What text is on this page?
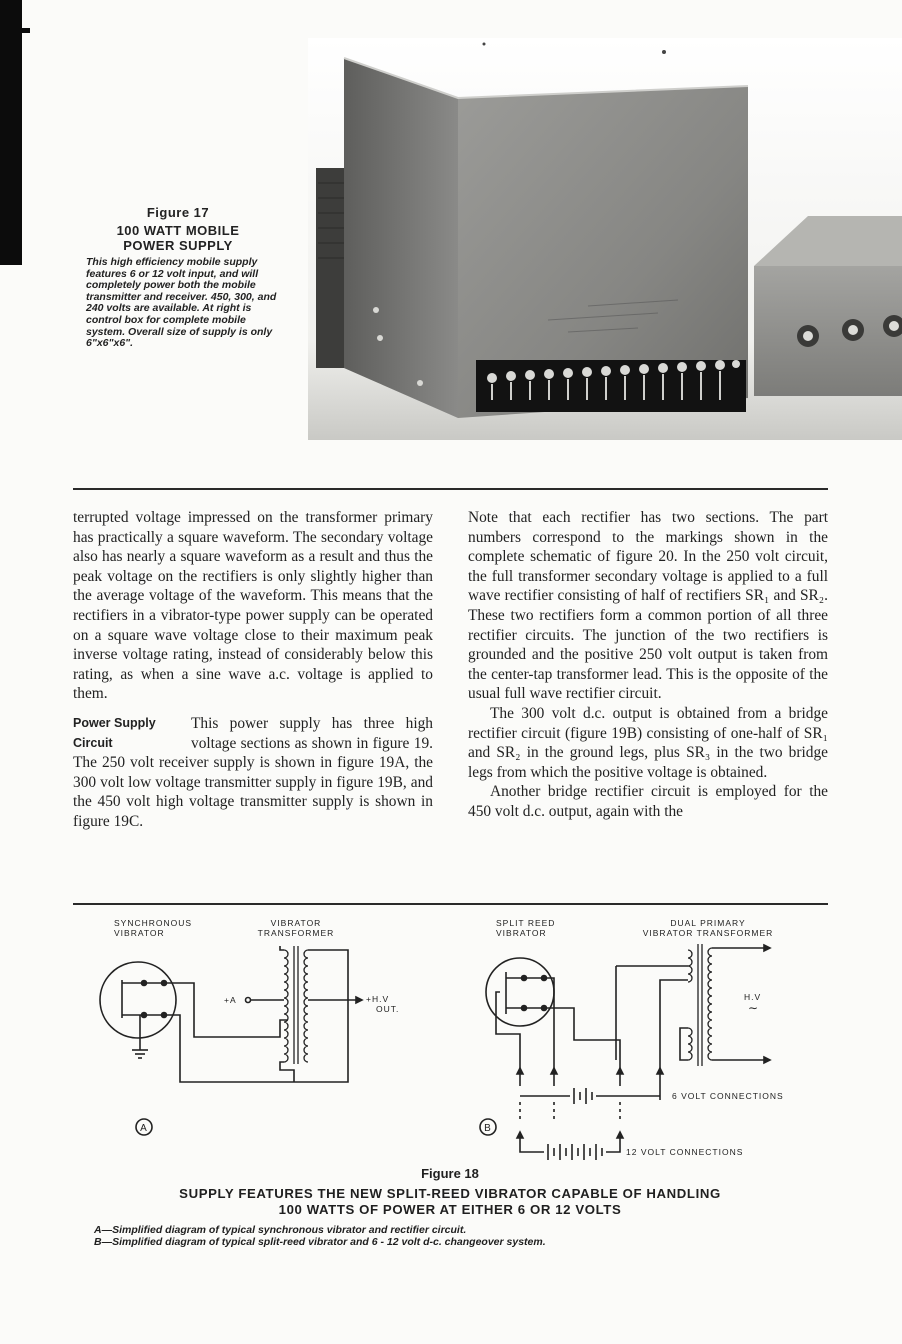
Figure 17
100 WATT MOBILE
POWER SUPPLY
This high efficiency mobile supply features 6 or 12 volt input, and will completely power both the mobile transmitter and receiver. 450, 300, and 240 volts are available. At right is control box for complete mobile system. Overall size of supply is only 6"x6"x6".

terrupted voltage impressed on the transformer primary has practically a square waveform. The secondary voltage also has nearly a square waveform as a result and thus the peak voltage on the rectifiers is only slightly higher than the average voltage of the waveform. This means that the rectifiers in a vibrator-type power supply can be operated on a square wave voltage close to their maximum peak inverse voltage rating, instead of considerably below this rating, as when a sine wave a.c. voltage is applied to them.

Power Supply
Circuit

This power supply has three high voltage sections as shown in figure 19. The 250 volt receiver supply is shown in figure 19A, the 300 volt low voltage transmitter supply in figure 19B, and the 450 volt high voltage transmitter supply is shown in figure 19C.

Note that each rectifier has two sections. The part numbers correspond to the markings shown in the complete schematic of figure 20. In the 250 volt circuit, the full transformer secondary voltage is applied to a full wave rectifier consisting of half of rectifiers SR₁ and SR₂. These two rectifiers form a common portion of all three rectifier circuits. The junction of the two rectifiers is grounded and the positive 250 volt output is taken from the center-tap transformer lead. This is the opposite of the usual full wave rectifier circuit.

The 300 volt d.c. output is obtained from a bridge rectifier circuit (figure 19B) consisting of one-half of SR₁ and SR₂ in the ground legs, plus SR₃ in the two bridge legs from which the positive voltage is obtained.

Another bridge rectifier circuit is employed for the 450 volt d.c. output, again with the

SYNCHRONOUS
VIBRATOR
VIBRATOR
TRANSFORMER
+A	+H.V
OUT.
A
SPLIT REED
VIBRATOR
DUAL PRIMARY
VIBRATOR TRANSFORMER
H.V
∼
6 VOLT CONNECTIONS
12 VOLT CONNECTIONS
B
Figure 18
SUPPLY FEATURES THE NEW SPLIT-REED VIBRATOR CAPABLE OF HANDLING
100 WATTS OF POWER AT EITHER 6 OR 12 VOLTS
A—Simplified diagram of typical synchronous vibrator and rectifier circuit.
B—Simplified diagram of typical split-reed vibrator and 6 - 12 volt d-c. changeover system.
